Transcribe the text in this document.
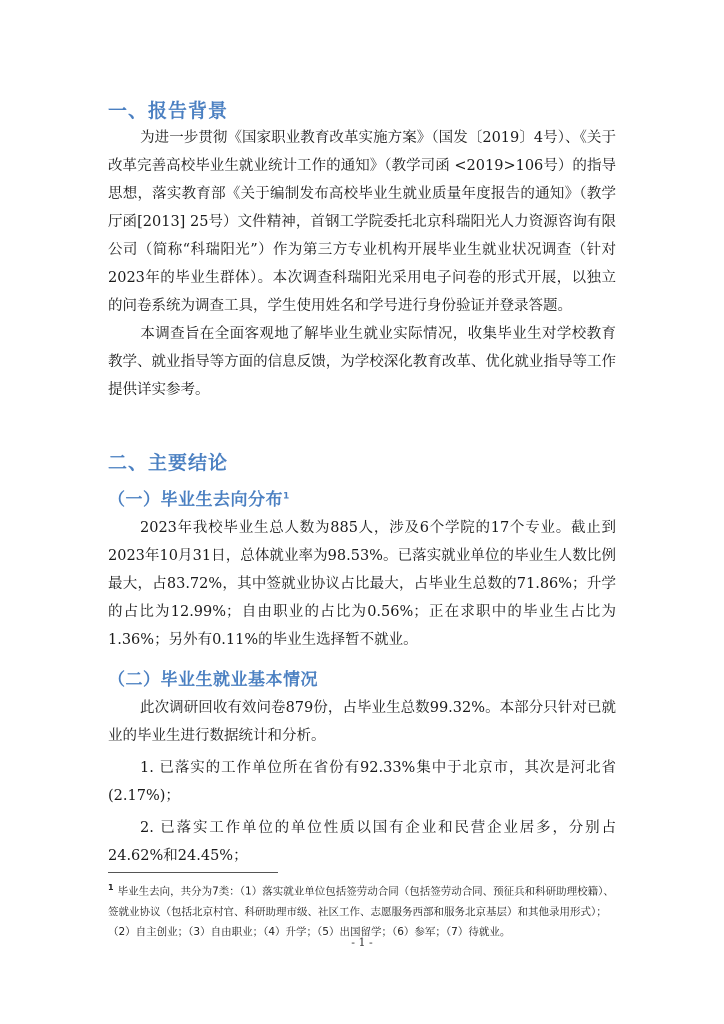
一、报告背景
为进一步贯彻《国家职业教育改革实施方案》（国发〔2019〕4号）、《关于改革完善高校毕业生就业统计工作的通知》（教学司函 <2019>106号）的指导思想，落实教育部《关于编制发布高校毕业生就业质量年度报告的通知》（教学厅函[2013] 25号）文件精神，首钢工学院委托北京科瑞阳光人力资源咨询有限公司（简称“科瑞阳光”）作为第三方专业机构开展毕业生就业状况调查（针对2023年的毕业生群体）。本次调查科瑞阳光采用电子问卷的形式开展，以独立的问卷系统为调查工具，学生使用姓名和学号进行身份验证并登录答题。
本调查旨在全面客观地了解毕业生就业实际情况，收集毕业生对学校教育教学、就业指导等方面的信息反馈，为学校深化教育改革、优化就业指导等工作提供详实参考。
二、主要结论
（一）毕业生去向分布$^1$
2023年我校毕业生总人数为885人，涉及6个学院的17个专业。截止到2023年10月31日，总体就业率为98.53%。已落实就业单位的毕业生人数比例最大，占83.72%，其中签就业协议占比最大，占毕业生总数的71.86%；升学的占比为12.99%；自由职业的占比为0.56%；正在求职中的毕业生占比为1.36%；另外有0.11%的毕业生选择暂不就业。
（二）毕业生就业基本情况
此次调研回收有效问卷879份，占毕业生总数99.32%。本部分只针对已就业的毕业生进行数据统计和分析。
1. 已落实的工作单位所在省份有92.33%集中于北京市，其次是河北省(2.17%)；
2. 已落实工作单位的单位性质以国有企业和民营企业居多，分别占24.62%和24.45%；
$^1$ 毕业生去向，共分为7类：（1）落实就业单位包括签劳动合同（包括签劳动合同、预征兵和科研助理校籍）、签就业协议（包括北京村官、科研助理市级、社区工作、志愿服务西部和服务北京基层）和其他录用形式）；（2）自主创业；（3）自由职业；（4）升学；（5）出国留学；（6）参军；（7）待就业。
- 1 -
